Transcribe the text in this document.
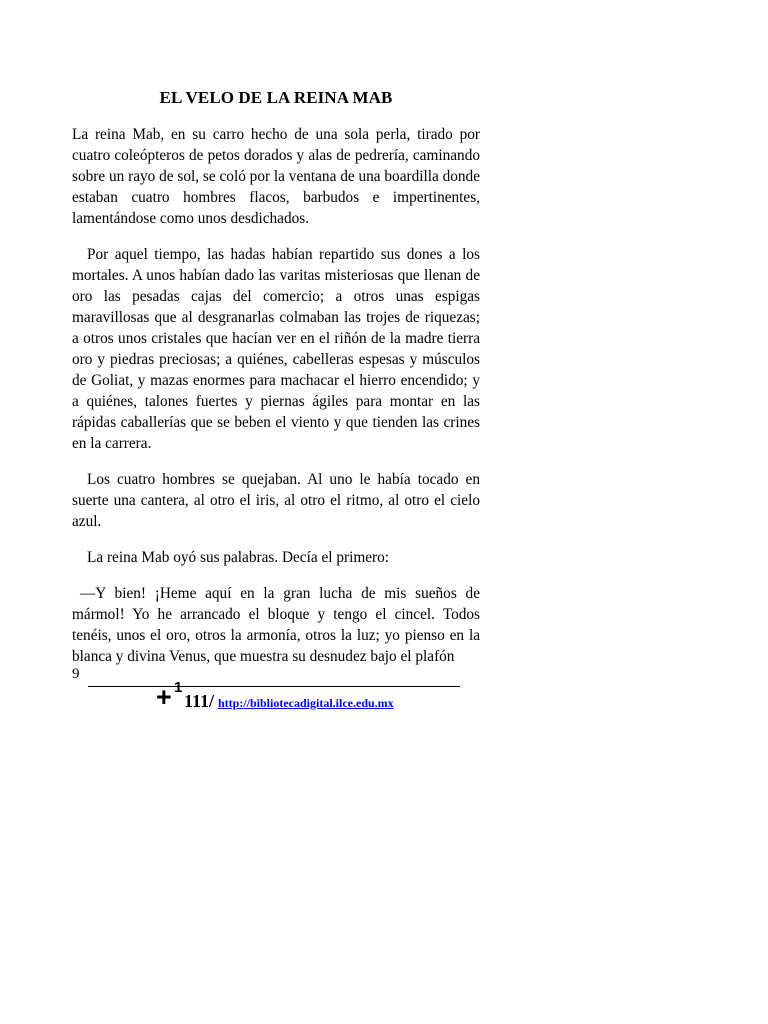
EL VELO DE LA REINA MAB

La reina Mab, en su carro hecho de una sola perla, tirado por cuatro coleópteros de petos dorados y alas de pedrería, caminando sobre un rayo de sol, se coló por la ventana de una boardilla donde estaban cuatro hombres flacos, barbudos e impertinentes, lamentándose como unos desdichados.

Por aquel tiempo, las hadas habían repartido sus dones a los mortales. A unos habían dado las varitas misteriosas que llenan de oro las pesadas cajas del comercio; a otros unas espigas maravillosas que al desgranarlas colmaban las trojes de riquezas; a otros unos cristales que hacían ver en el riñón de la madre tierra oro y piedras preciosas; a quiénes, cabelleras espesas y músculos de Goliat, y mazas enormes para machacar el hierro encendido; y a quiénes, talones fuertes y piernas ágiles para montar en las rápidas caballerías que se beben el viento y que tienden las crines en la carrera.

Los cuatro hombres se quejaban. Al uno le había tocado en suerte una cantera, al otro el iris, al otro el ritmo, al otro el cielo azul.

La reina Mab oyó sus palabras. Decía el primero:

—Y bien! ¡Heme aquí en la gran lucha de mis sueños de mármol! Yo he arrancado el bloque y tengo el cincel. Todos tenéis, unos el oro, otros la armonía, otros la luz; yo pienso en la blanca y divina Venus, que muestra su desnudez bajo el plafón

9
+ 1
111/ http://bibliotecadigital.ilce.edu.mx
